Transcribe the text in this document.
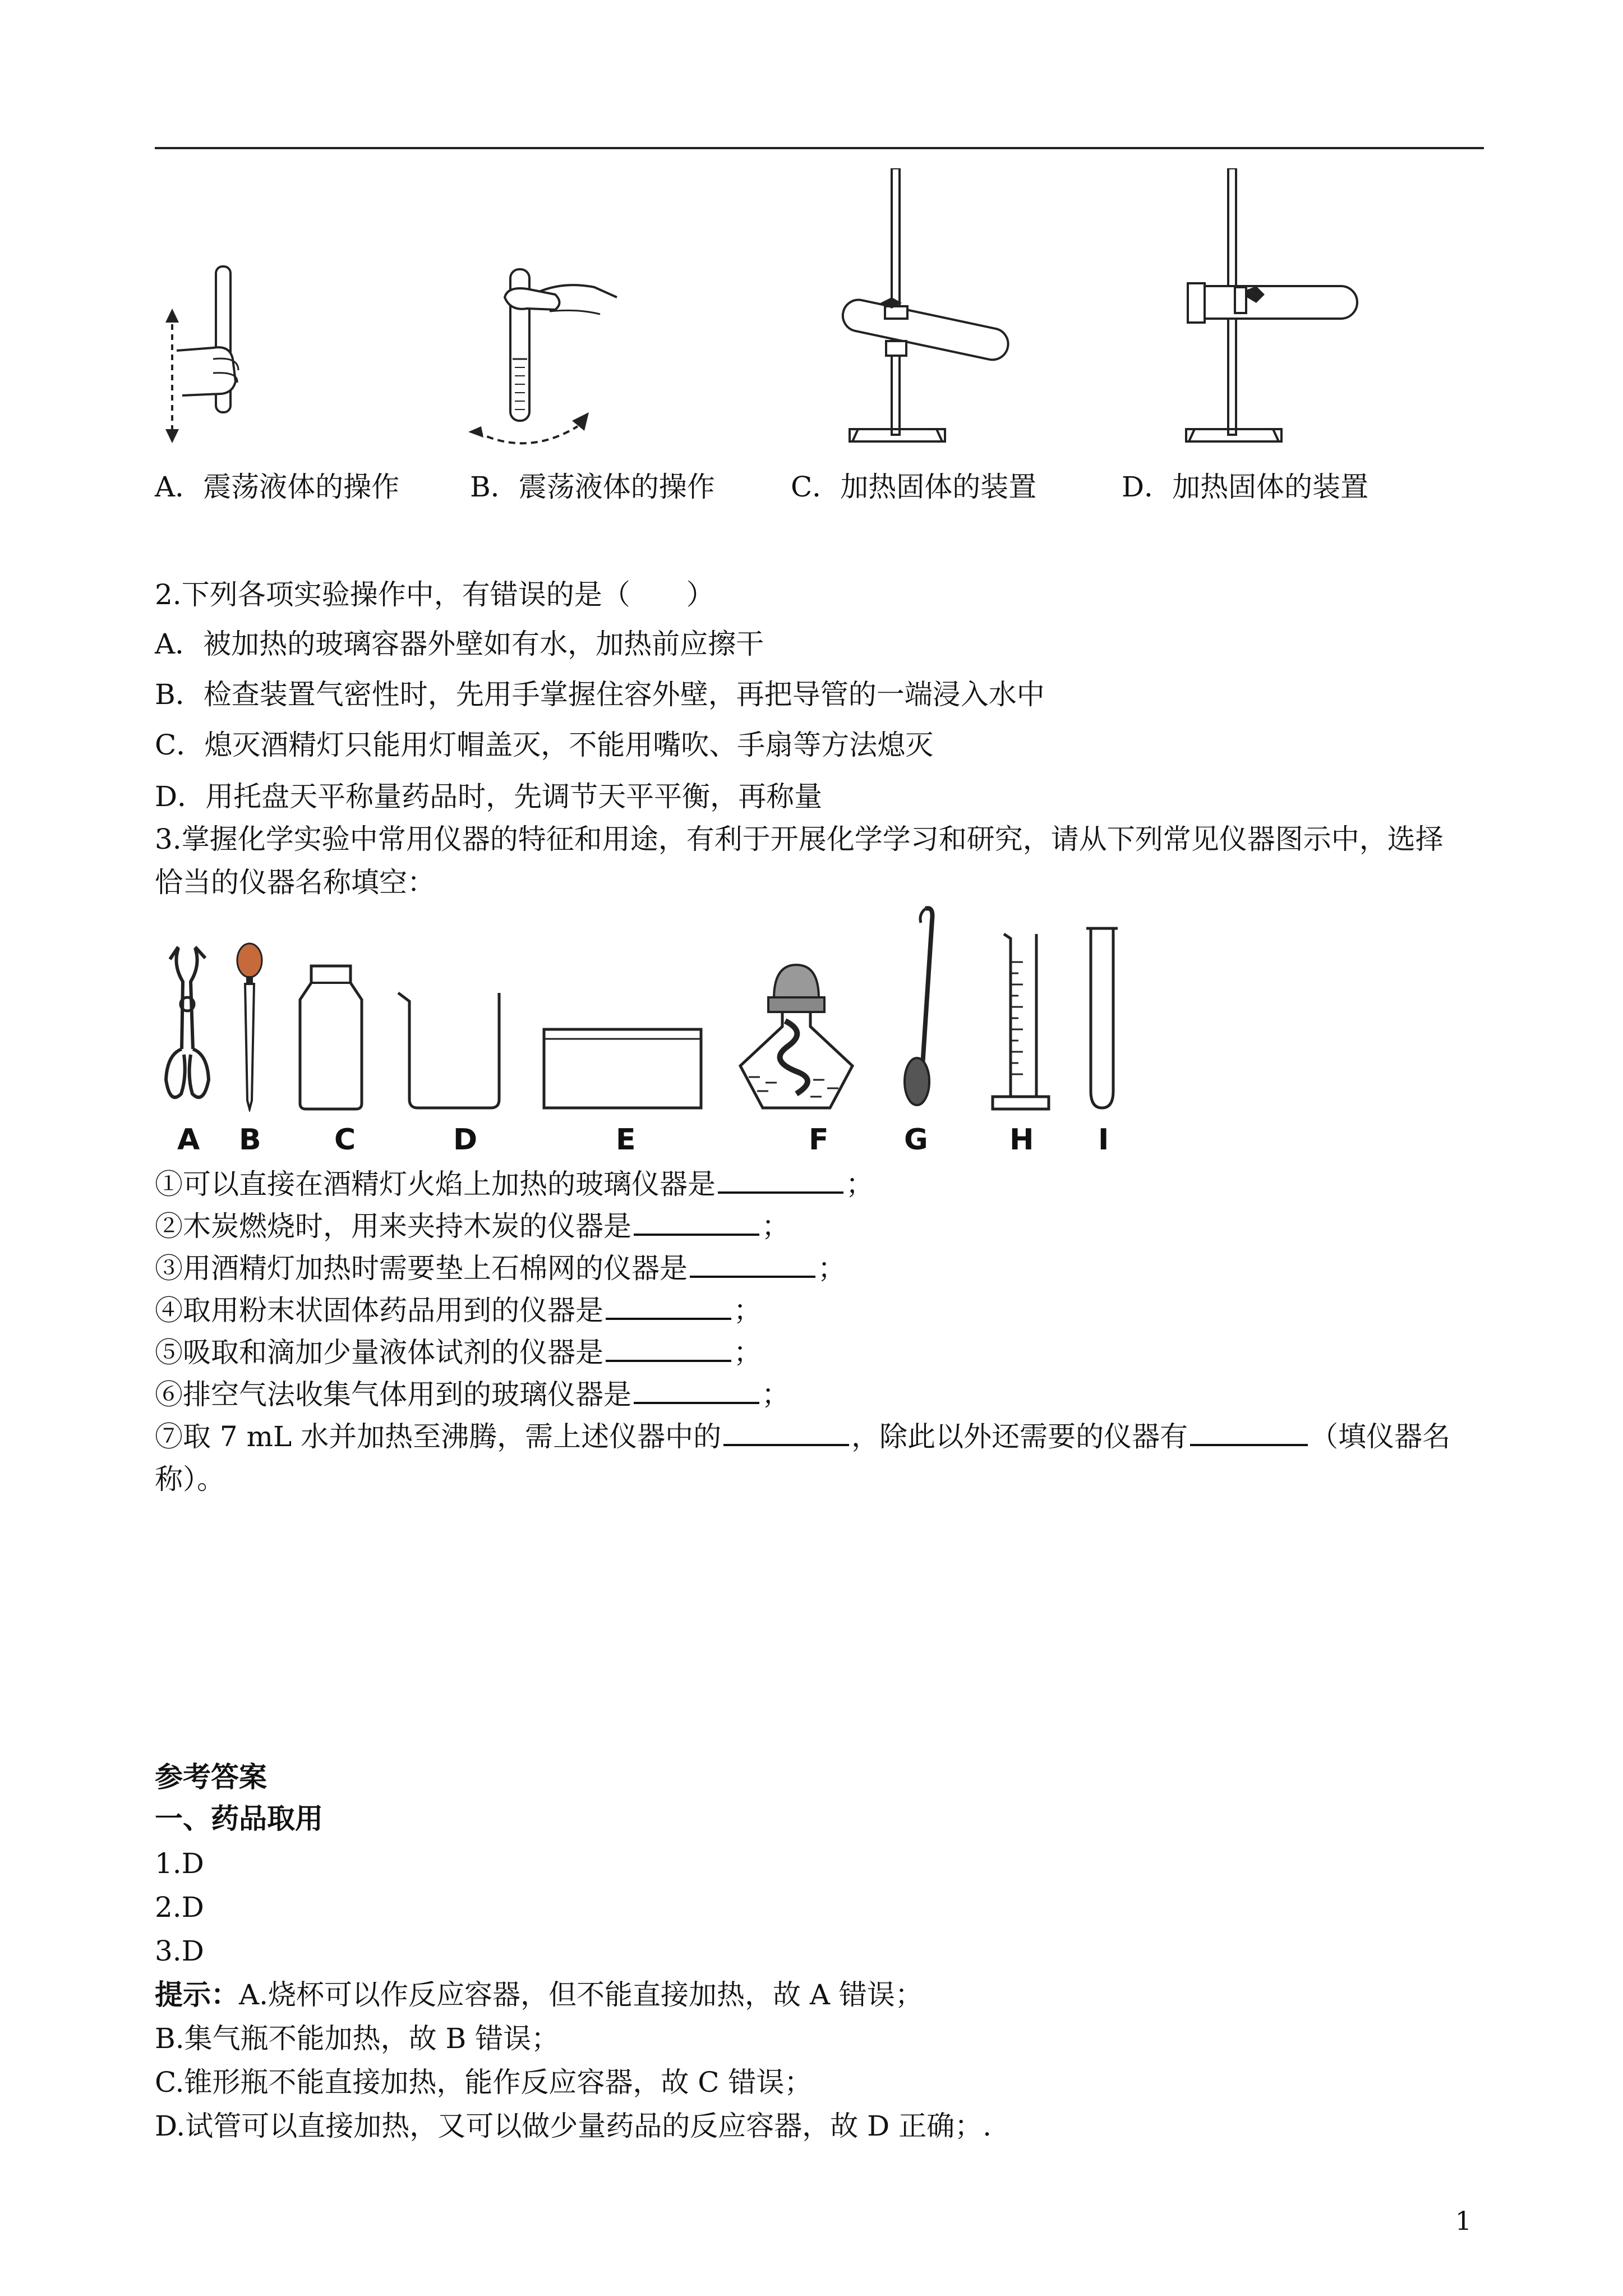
A．震荡液体的操作	B．震荡液体的操作	C．加热固体的装置	D．加热固体的装置
2.下列各项实验操作中，有错误的是（　　）
A．被加热的玻璃容器外壁如有水，加热前应擦干
B．检查装置气密性时，先用手掌握住容外壁，再把导管的一端浸入水中
C．熄灭酒精灯只能用灯帽盖灭，不能用嘴吹、手扇等方法熄灭
D．用托盘天平称量药品时，先调节天平平衡，再称量
3.掌握化学实验中常用仪器的特征和用途，有利于开展化学学习和研究，请从下列常见仪器图示中，选择
恰当的仪器名称填空：
A B	C	D	E	F	G	H I
①可以直接在酒精灯火焰上加热的玻璃仪器是	；
②木炭燃烧时，用来夹持木炭的仪器是	；
③用酒精灯加热时需要垫上石棉网的仪器是	；
④取用粉末状固体药品用到的仪器是	；
⑤吸取和滴加少量液体试剂的仪器是	；
⑥排空气法收集气体用到的玻璃仪器是	；
⑦取 7 mL 水并加热至沸腾，需上述仪器中的	，除此以外还需要的仪器有	（填仪器名
称）。
参考答案
一、药品取用
1.D
2.D
3.D
提示：A.烧杯可以作反应容器，但不能直接加热，故 A 错误；
B.集气瓶不能加热，故 B 错误；
C.锥形瓶不能直接加热，能作反应容器，故 C 错误；
D.试管可以直接加热，又可以做少量药品的反应容器，故 D 正确；.
1
